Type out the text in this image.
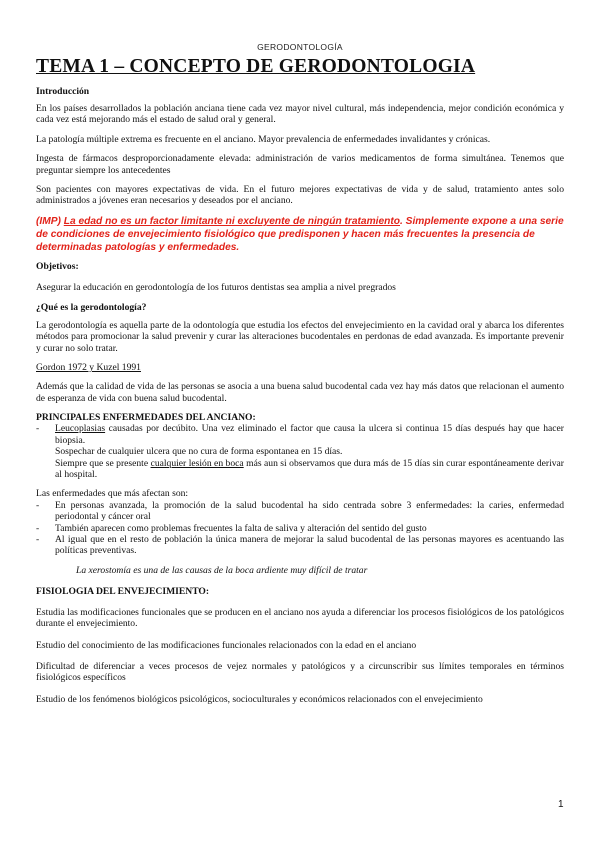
GERODONTOLOGÍA
TEMA 1 – CONCEPTO DE GERODONTOLOGIA
Introducción

En los países desarrollados la población anciana tiene cada vez mayor nivel cultural, más independencia, mejor condición económica y cada vez está mejorando más el estado de salud oral y general.

La patología múltiple extrema es frecuente en el anciano. Mayor prevalencia de enfermedades invalidantes y crónicas.

Ingesta de fármacos desproporcionadamente elevada: administración de varios medicamentos de forma simultánea. Tenemos que preguntar siempre los antecedentes

Son pacientes con mayores expectativas de vida. En el futuro mejores expectativas de vida y de salud, tratamiento antes solo administrados a jóvenes eran necesarios y deseados por el anciano.

(IMP) La edad no es un factor limitante ni excluyente de ningún tratamiento. Simplemente expone a una serie de condiciones de envejecimiento fisiológico que predisponen y hacen más frecuentes la presencia de determinadas patologías y enfermedades.

Objetivos:

Asegurar la educación en gerodontología de los futuros dentistas sea amplia a nivel pregrados

¿Qué es la gerodontología?

La gerodontología es aquella parte de la odontología que estudia los efectos del envejecimiento en la cavidad oral y abarca los diferentes métodos para promocionar la salud prevenir y curar las alteraciones bucodentales en perdonas de edad avanzada. Es importante prevenir y curar no solo tratar.

Gordon 1972 y Kuzel 1991

Además que la calidad de vida de las personas se asocia a una buena salud bucodental cada vez hay más datos que relacionan el aumento de esperanza de vida con buena salud bucodental.

PRINCIPALES ENFERMEDADES DEL ANCIANO:
- Leucoplasias causadas por decúbito. Una vez eliminado el factor que causa la ulcera si continua 15 días después hay que hacer biopsia.
Sospechar de cualquier ulcera que no cura de forma espontanea en 15 días.
Siempre que se presente cualquier lesión en boca más aun si observamos que dura más de 15 días sin curar espontáneamente derivar al hospital.

Las enfermedades que más afectan son:

- En personas avanzada, la promoción de la salud bucodental ha sido centrada sobre 3 enfermedades: la caries, enfermedad periodontal y cáncer oral
- También aparecen como problemas frecuentes la falta de saliva y alteración del sentido del gusto
- Al igual que en el resto de población la única manera de mejorar la salud bucodental de las personas mayores es acentuando las políticas preventivas.
La xerostomía es una de las causas de la boca ardiente muy difícil de tratar
FISIOLOGIA DEL ENVEJECIMIENTO:

Estudia las modificaciones funcionales que se producen en el anciano nos ayuda a diferenciar los procesos fisiológicos de los patológicos durante el envejecimiento.

Estudio del conocimiento de las modificaciones funcionales relacionados con la edad en el anciano

Dificultad de diferenciar a veces procesos de vejez normales y patológicos y a circunscribir sus límites temporales en términos fisiológicos específicos

Estudio de los fenómenos biológicos psicológicos, socioculturales y económicos relacionados con el envejecimiento

1
